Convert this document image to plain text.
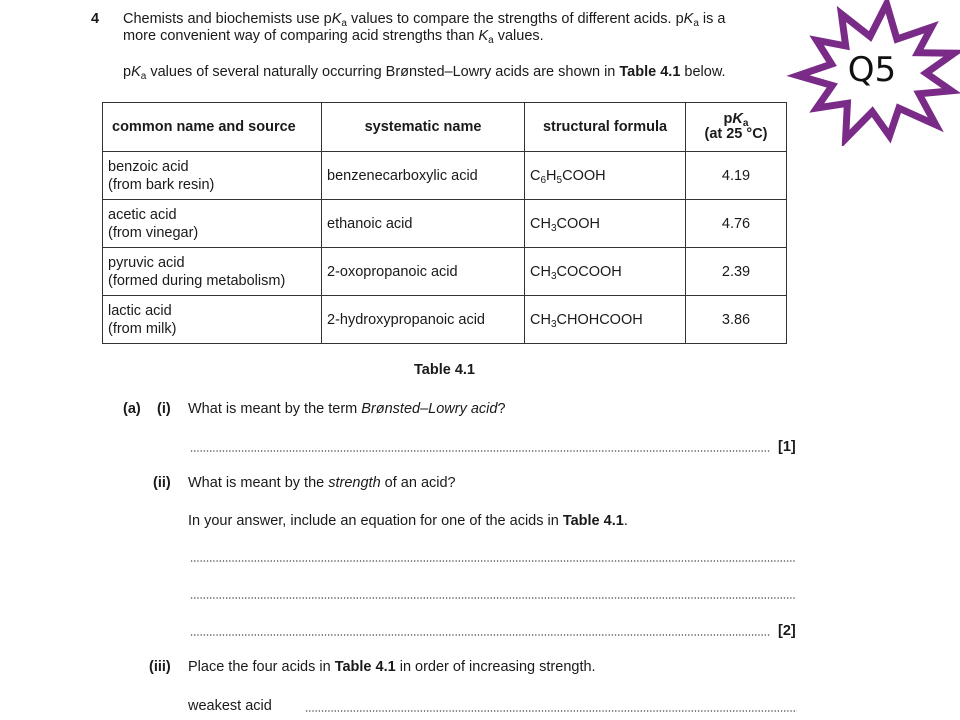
4 Chemists and biochemists use $pK_a$ values to compare the strengths of different acids. $pK_a$ is a
more convenient way of comparing acid strengths than $K_a$ values.
$pK_a$ values of several naturally occurring Brønsted–Lowry acids are shown in Table 4.1 below.
common name and source	systematic name	structural formula	$pK_a$
(at 25 °C)
benzoic acid
(from bark resin)	benzenecarboxylic acid	$C_6H_5COOH$	4.19
acetic acid
(from vinegar)	ethanoic acid	$CH_3COOH$	4.76
pyruvic acid
(formed during metabolism)	2-oxopropanoic acid	$CH_3COCOOH$	2.39
lactic acid
(from milk)	2-hydroxypropanoic acid	$CH_3CHOHCOOH$	3.86
Table 4.1
(a) (i) What is meant by the term Brønsted–Lowry acid?
[1]
(ii) What is meant by the strength of an acid?
In your answer, include an equation for one of the acids in Table 4.1.
[2]
(iii) Place the four acids in Table 4.1 in order of increasing strength.
weakest acid
Q5
